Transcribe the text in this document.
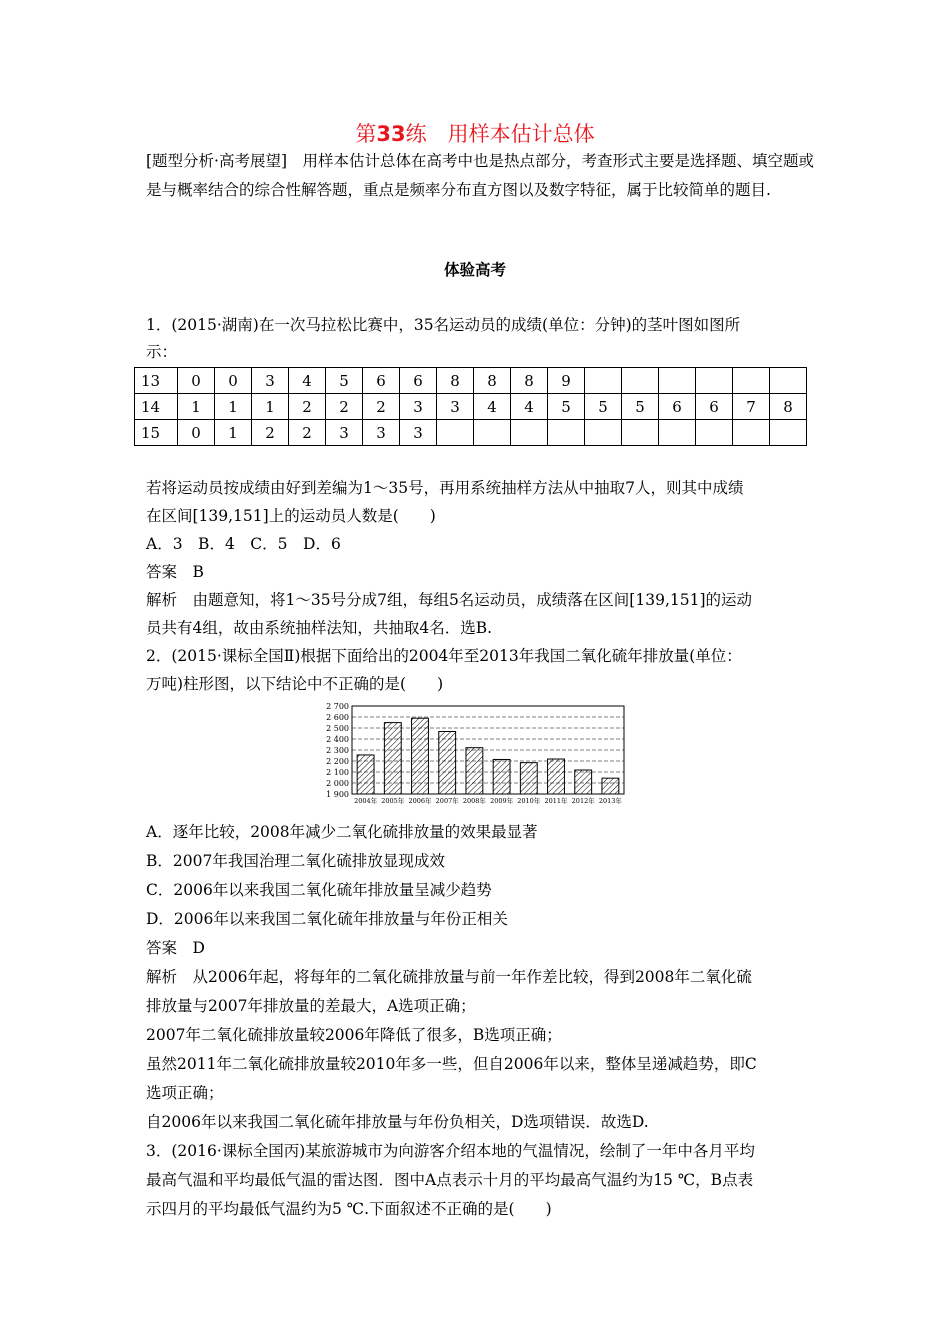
第33练　用样本估计总体
[题型分析·高考展望]　用样本估计总体在高考中也是热点部分，考查形式主要是选择题、填空题或是与概率结合的综合性解答题，重点是频率分布直方图以及数字特征，属于比较简单的题目.
体验高考
1．(2015·湖南)在一次马拉松比赛中，35名运动员的成绩(单位：分钟)的茎叶图如图所
示：
13	0	0	3	4	5	6	6	8	8	8	9						
14	1	1	1	2	2	2	3	3	4	4	5	5	5	6	6	7	8
15	0	1	2	2	3	3	3										
若将运动员按成绩由好到差编为1～35号，再用系统抽样方法从中抽取7人，则其中成绩
在区间[139,151]上的运动员人数是(　　)
A．3　B．4　C．5　D．6
答案　B
解析　由题意知，将1～35号分成7组，每组5名运动员，成绩落在区间[139,151]的运动
员共有4组，故由系统抽样法知，共抽取4名．选B.
2．(2015·课标全国Ⅱ)根据下面给出的2004年至2013年我国二氧化硫年排放量(单位：
万吨)柱形图，以下结论中不正确的是(　　)
1 900
2 000
2 100
2 200
2 300
2 400
2 500
2 600
2 700
2004年 2005年 2006年 2007年 2008年 2009年 2010年 2011年 2012年 2013年
A．逐年比较，2008年减少二氧化硫排放量的效果最显著
B．2007年我国治理二氧化硫排放显现成效
C．2006年以来我国二氧化硫年排放量呈减少趋势
D．2006年以来我国二氧化硫年排放量与年份正相关
答案　D
解析　从2006年起，将每年的二氧化硫排放量与前一年作差比较，得到2008年二氧化硫
排放量与2007年排放量的差最大，A选项正确；
2007年二氧化硫排放量较2006年降低了很多，B选项正确；
虽然2011年二氧化硫排放量较2010年多一些，但自2006年以来，整体呈递减趋势，即C
选项正确；
自2006年以来我国二氧化硫年排放量与年份负相关，D选项错误．故选D.
3．(2016·课标全国丙)某旅游城市为向游客介绍本地的气温情况，绘制了一年中各月平均
最高气温和平均最低气温的雷达图．图中A点表示十月的平均最高气温约为15 ℃，B点表
示四月的平均最低气温约为5 ℃.下面叙述不正确的是(　　)
